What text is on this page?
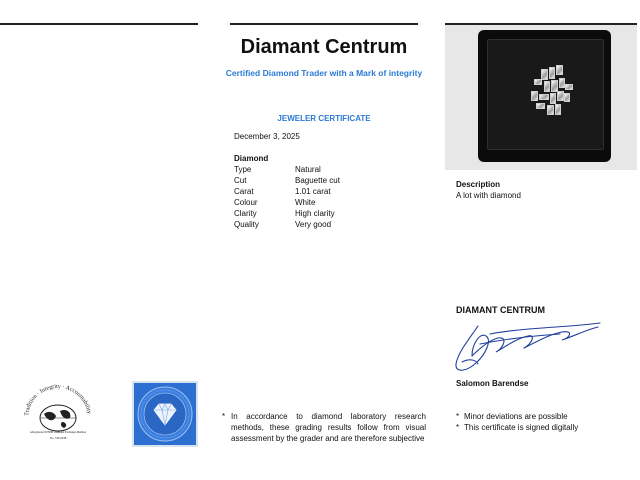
Diamant Centrum
Certified Diamond Trader with a Mark of integrity
JEWELER CERTIFICATE
December 3, 2025
Diamond
Type	Natural
Cut	Baguette cut
Carat	1.01 carat
Colour	White
Clarity	High clarity
Quality	Very good
Description
A lot with diamond
DIAMANT CENTRUM
Salomon Barendse
* Minor deviations are possible
* This certificate is signed digitally
* In accordance to diamond laboratory research methods, these grading results follow from visual assessment by the grader and are therefore subjective
Tradition · Integrity · Accountability
A Registered WFDB Diamond Exchange Member
No. 7401/038
